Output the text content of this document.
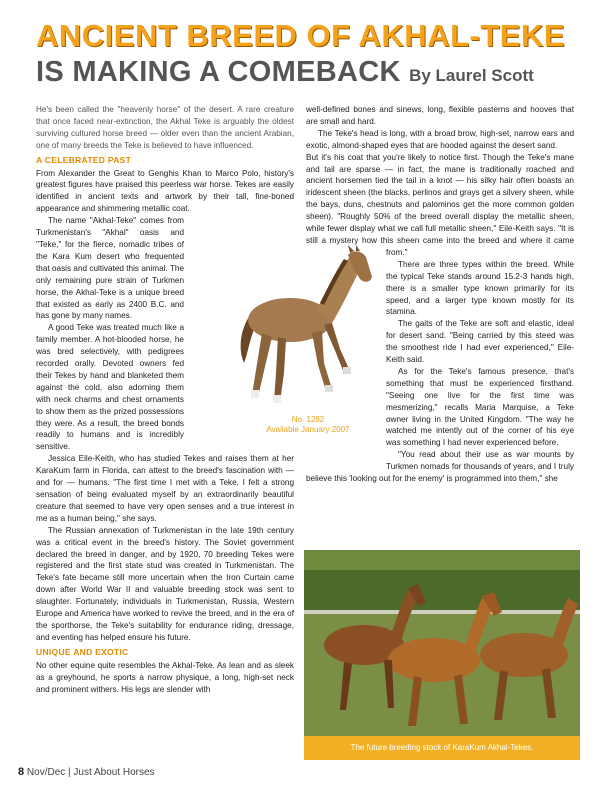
ANCIENT BREED OF AKHAL-TEKE
IS MAKING A COMEBACK By Laurel Scott

He's been called the "heavenly horse" of the desert. A rare creature that once faced near-extinction, the Akhal Teke is arguably the oldest surviving cultured horse breed — older even than the ancient Arabian, one of many breeds the Teke is believed to have influenced.

A CELEBRATED PAST

From Alexander the Great to Genghis Khan to Marco Polo, history's greatest figures have praised this peerless war horse. Tekes are easily identified in ancient texts and artwork by their tall, fine-boned appearance and shimmering metallic coat.

The name "Akhal-Teke" comes from Turkmenistan's "Akhal" oasis and "Teke," for the fierce, nomadic tribes of the Kara Kum desert who frequented that oasis and cultivated this animal. The only remaining pure strain of Turkmen horse, the Akhal-Teke is a unique breed that existed as early as 2400 B.C. and has gone by many names.

A good Teke was treated much like a family member. A hot-blooded horse, he was bred selectively, with pedigrees recorded orally. Devoted owners fed their Tekes by hand and blanketed them against the cold, also adorning them with neck charms and chest ornaments to show them as the prized possessions they were. As a result, the breed bonds readily to humans and is incredibly sensitive.

Jessica Eile-Keith, who has studied Tekes and raises them at her KaraKum farm in Florida, can attest to the breed's fascination with — and for — humans. "The first time I met with a Teke, I felt a strong sensation of being evaluated myself by an extraordinarily beautiful creature that seemed to have very open senses and a true interest in me as a human being," she says.

The Russian annexation of Turkmenistan in the late 19th century was a critical event in the breed's history. The Soviet government declared the breed in danger, and by 1920, 70 breeding Tekes were registered and the first state stud was created in Turkmenistan. The Teke's fate became still more uncertain when the Iron Curtain came down after World War II and valuable breeding stock was sent to slaughter. Fortunately, individuals in Turkmenistan, Russia, Western Europe and America have worked to revive the breed, and in the era of the sporthorse, the Teke's suitability for endurance riding, dressage, and eventing has helped ensure his future.

UNIQUE AND EXOTIC

No other equine quite resembles the Akhal-Teke. As lean and as sleek as a greyhound, he sports a narrow physique, a long, high-set neck and prominent withers. His legs are slender with

well-defined bones and sinews, long, flexible pasterns and hooves that are small and hard.

The Teke's head is long, with a broad brow, high-set, narrow ears and exotic, almond-shaped eyes that are hooded against the desert sand.

But it's his coat that you're likely to notice first. Though the Teke's mane and tail are sparse — in fact, the mane is traditionally roached and ancient horsemen tied the tail in a knot — his silky hair often boasts an iridescent sheen (the blacks, perlinos and grays get a silvery sheen, while the bays, duns, chestnuts and palominos get the more common golden sheen). "Roughly 50% of the breed overall display the metallic sheen, while fewer display what we call full metallic sheen," Eile-Keith says. "It is still a mystery how this sheen came into the breed and where it came from."

There are three types within the breed. While the typical Teke stands around 15.2-3 hands high, there is a smaller type known primarily for its speed, and a larger type known mostly for its stamina.

The gaits of the Teke are soft and elastic, ideal for desert sand. "Being carried by this steed was the smoothest ride I had ever experienced," Eile-Keith said.

As for the Teke's famous presence, that's something that must be experienced firsthand. "Seeing one live for the first time was mesmerizing," recalls Maria Marquise, a Teke owner living in the United Kingdom. "The way he watched me intently out of the corner of his eye was something I had never experienced before.

"You read about their use as war mounts by Turkmen nomads for thousands of years, and I truly believe this 'looking out for the enemy' is programmed into them," she

No. 1282
Available January 2007
The future breeding stock of KaraKum Akhal-Tekes.
8 Nov/Dec | Just About Horses
